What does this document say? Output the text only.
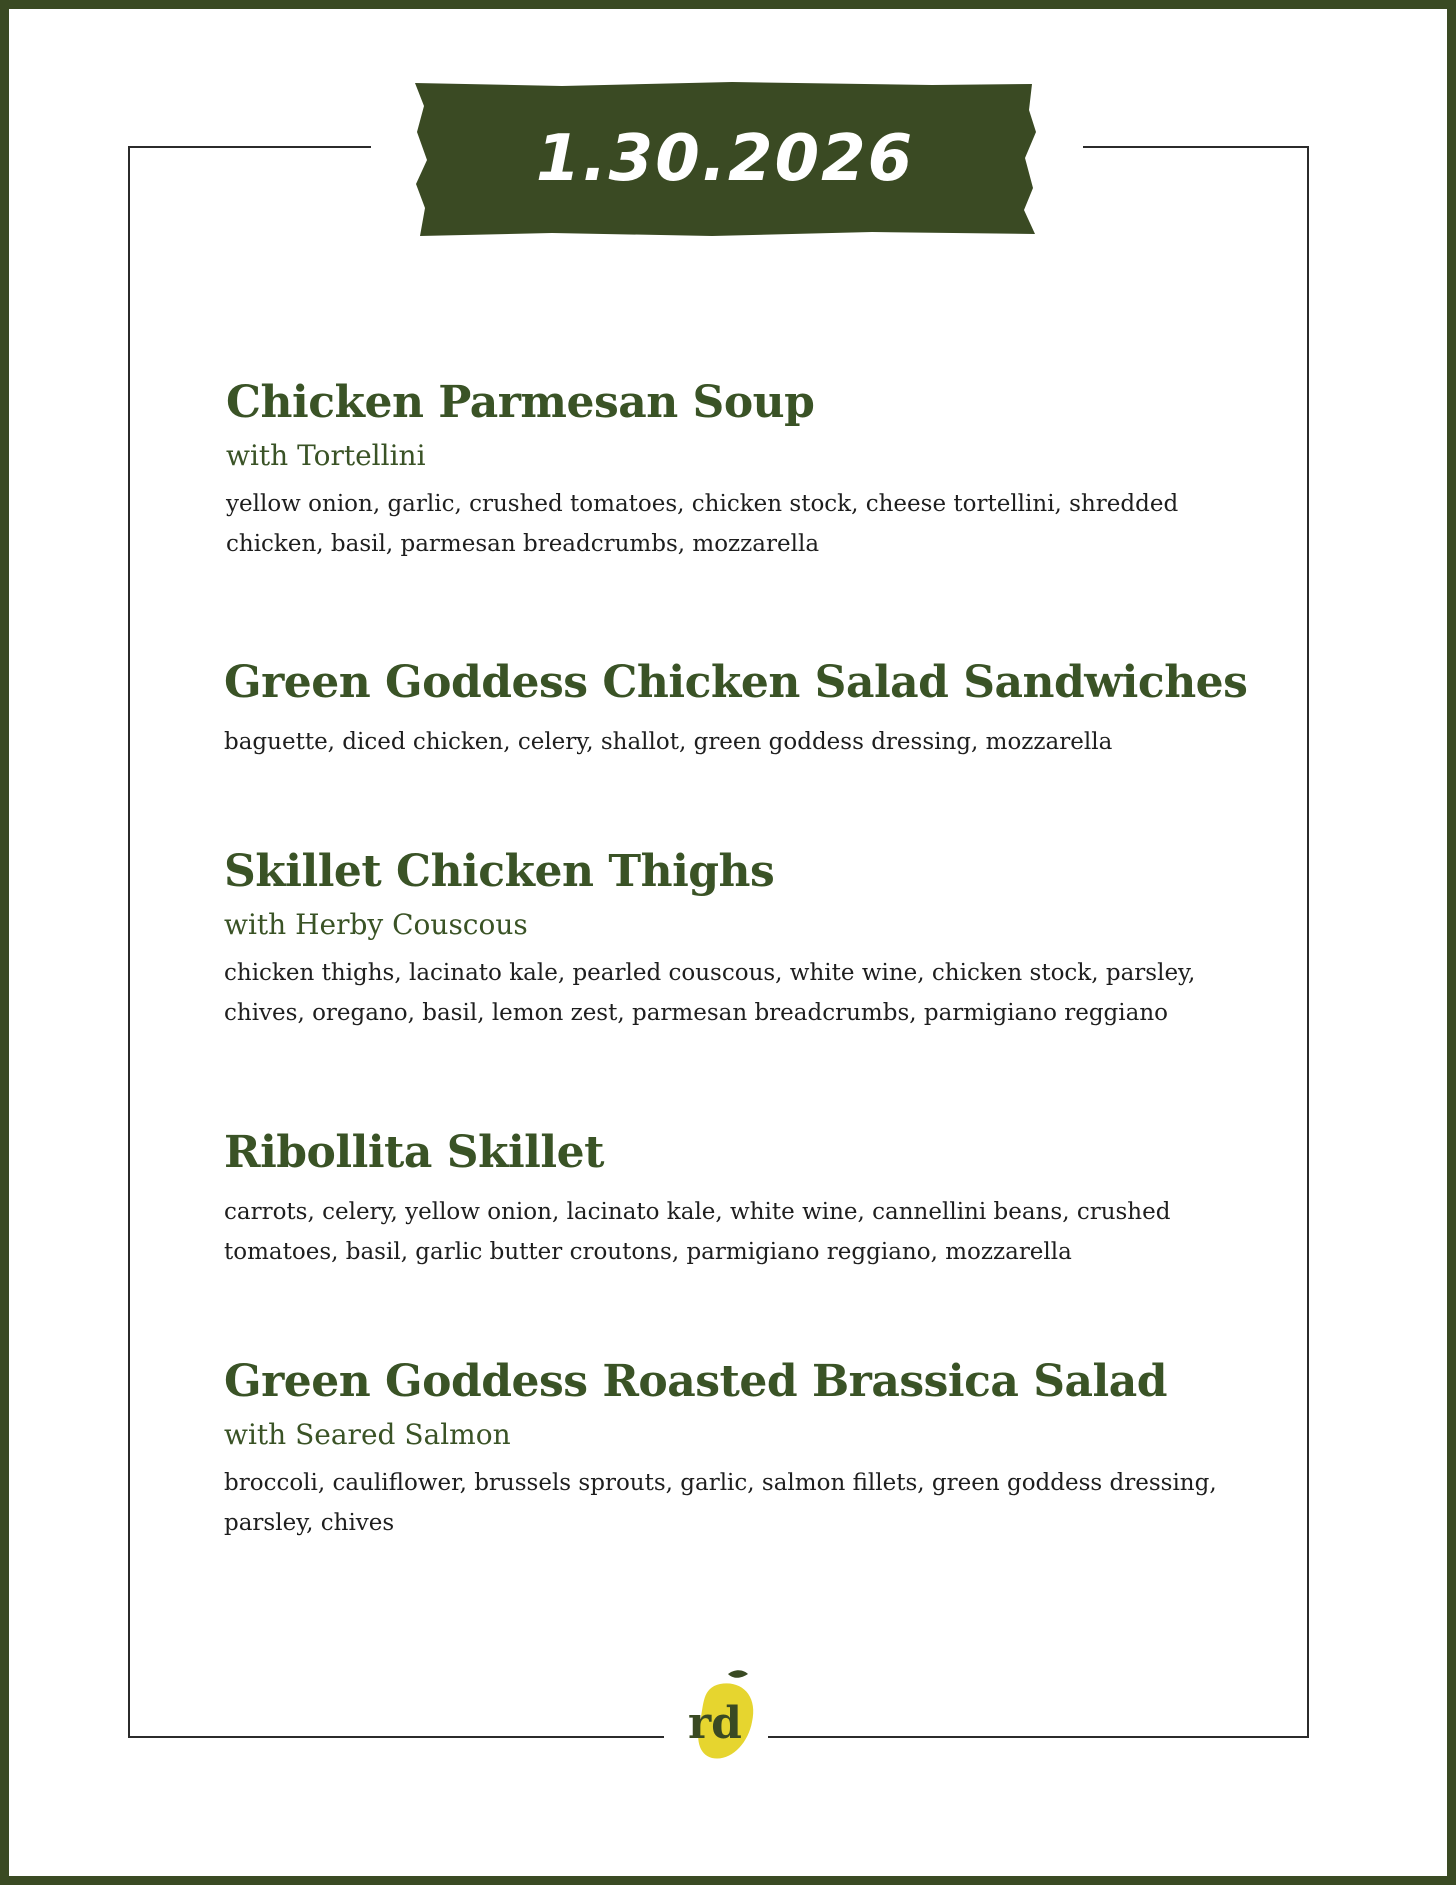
1.30.2026
Chicken Parmesan Soup
with Tortellini
yellow onion, garlic, crushed tomatoes, chicken stock, cheese tortellini, shredded chicken, basil, parmesan breadcrumbs, mozzarella
Green Goddess Chicken Salad Sandwiches
baguette, diced chicken, celery, shallot, green goddess dressing, mozzarella
Skillet Chicken Thighs
with Herby Couscous
chicken thighs, lacinato kale, pearled couscous, white wine, chicken stock, parsley, chives, oregano, basil, lemon zest, parmesan breadcrumbs, parmigiano reggiano
Ribollita Skillet
carrots, celery, yellow onion, lacinato kale, white wine, cannellini beans, crushed tomatoes, basil, garlic butter croutons, parmigiano reggiano, mozzarella
Green Goddess Roasted Brassica Salad
with Seared Salmon
broccoli, cauliflower, brussels sprouts, garlic, salmon fillets, green goddess dressing, parsley, chives
rd
